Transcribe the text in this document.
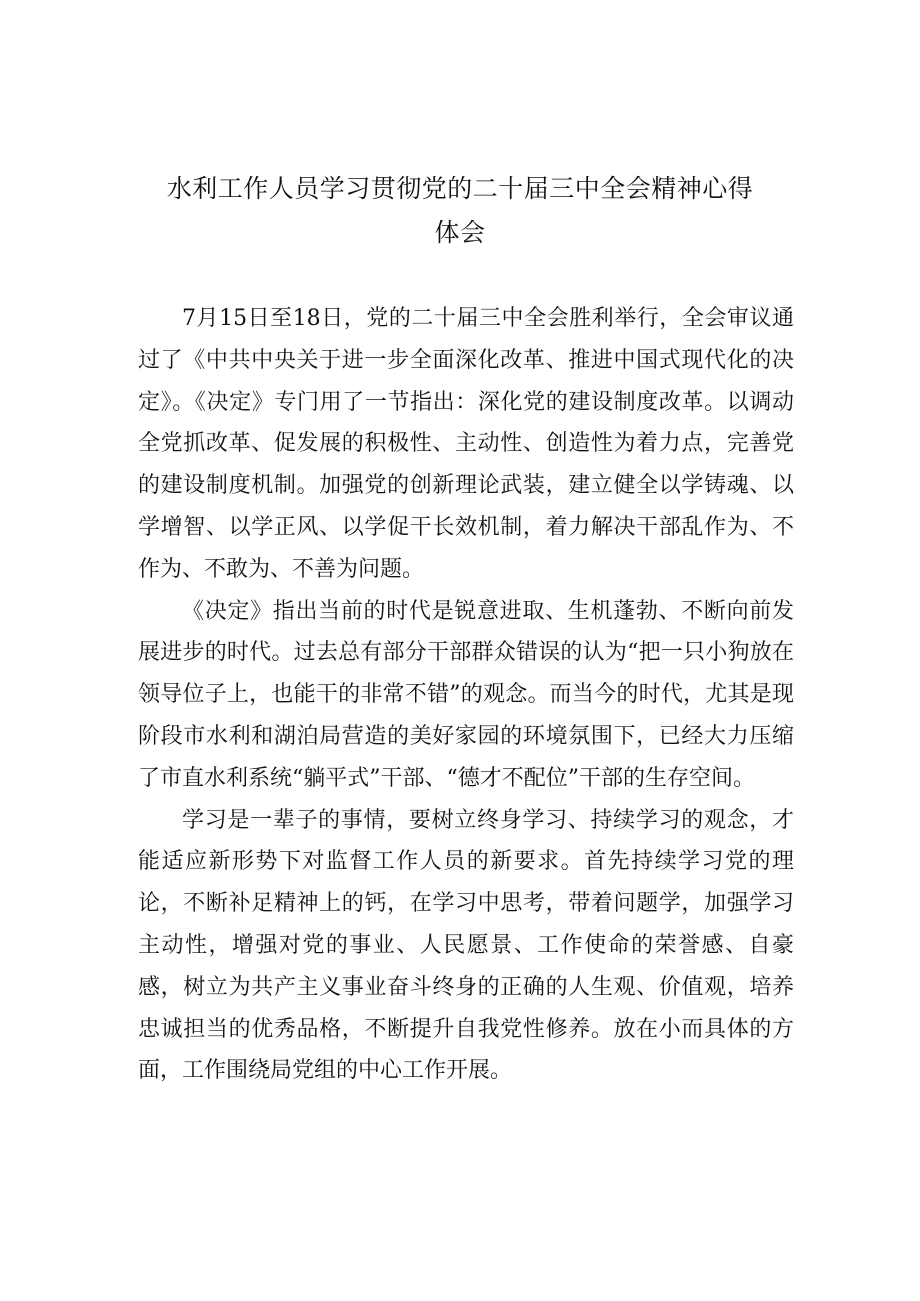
水利工作人员学习贯彻党的二十届三中全会精神心得
体会

7月15日至18日，党的二十届三中全会胜利举行，全会审议通过了《中共中央关于进一步全面深化改革、推进中国式现代化的决定》。《决定》专门用了一节指出：深化党的建设制度改革。以调动全党抓改革、促发展的积极性、主动性、创造性为着力点，完善党的建设制度机制。加强党的创新理论武装，建立健全以学铸魂、以学增智、以学正风、以学促干长效机制，着力解决干部乱作为、不作为、不敢为、不善为问题。

《决定》指出当前的时代是锐意进取、生机蓬勃、不断向前发展进步的时代。过去总有部分干部群众错误的认为“把一只小狗放在领导位子上，也能干的非常不错”的观念。而当今的时代，尤其是现阶段市水利和湖泊局营造的美好家园的环境氛围下，已经大力压缩了市直水利系统“躺平式”干部、“德才不配位”干部的生存空间。

学习是一辈子的事情，要树立终身学习、持续学习的观念，才能适应新形势下对监督工作人员的新要求。首先持续学习党的理论，不断补足精神上的钙，在学习中思考，带着问题学，加强学习主动性，增强对党的事业、人民愿景、工作使命的荣誉感、自豪感，树立为共产主义事业奋斗终身的正确的人生观、价值观，培养忠诚担当的优秀品格，不断提升自我党性修养。放在小而具体的方面，工作围绕局党组的中心工作开展。
